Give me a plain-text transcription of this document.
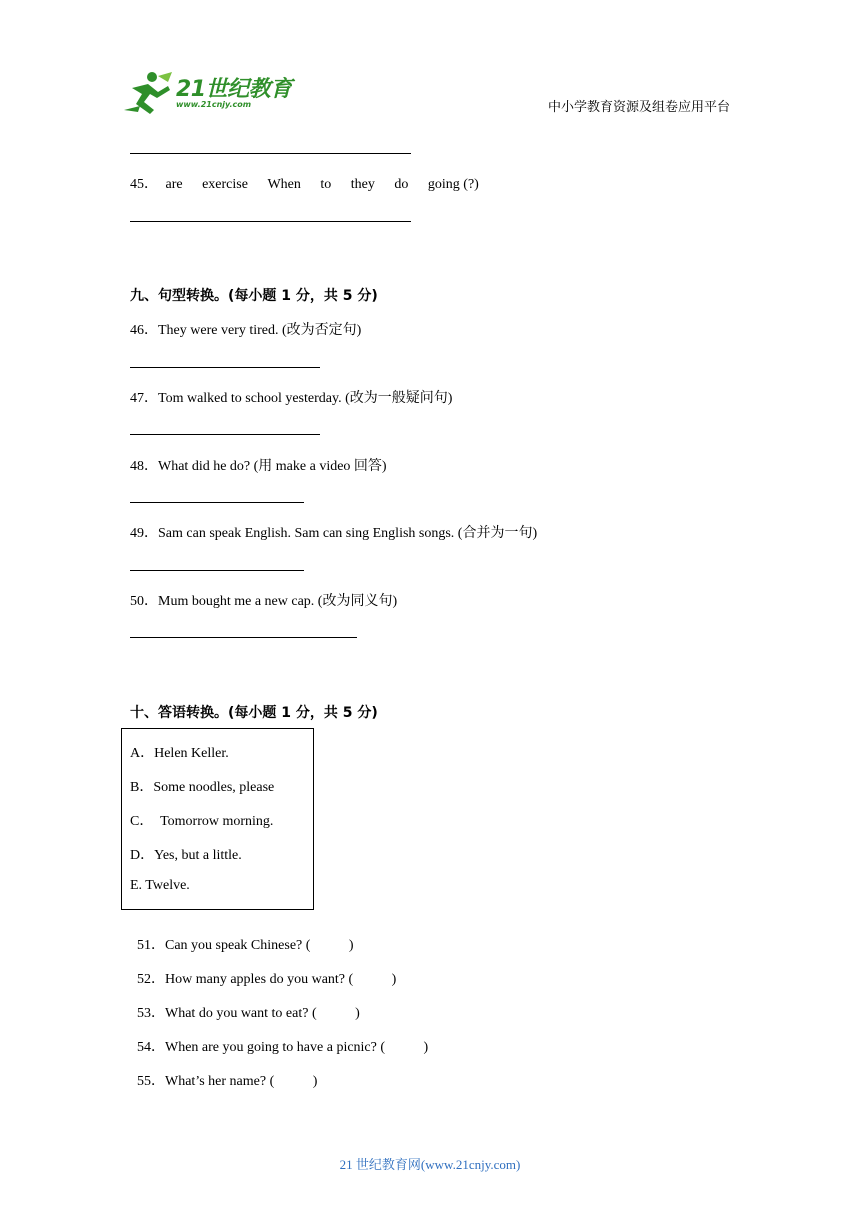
21世纪教育
www.21cnjy.com	中小学教育资源及组卷应用平台
45． are exercise When to they do going (?)
九、句型转换。(每小题 1 分，共 5 分)
46．They were very tired. (改为否定句)
47．Tom walked to school yesterday. (改为一般疑问句)
48．What did he do? (用 make a video 回答)
49．Sam can speak English. Sam can sing English songs. (合并为一句)
50．Mum bought me a new cap. (改为同义句)
十、答语转换。(每小题 1 分，共 5 分)
A．Helen Keller.
B．Some noodles, please
C．  Tomorrow morning.
D．Yes, but a little.
E. Twelve.

51．Can you speak Chinese? (           )

52．How many apples do you want? (           )

53．What do you want to eat? (           )

54．When are you going to have a picnic? (           )

55．What’s her name? (           )

21 世纪教育网(www.21cnjy.com)
